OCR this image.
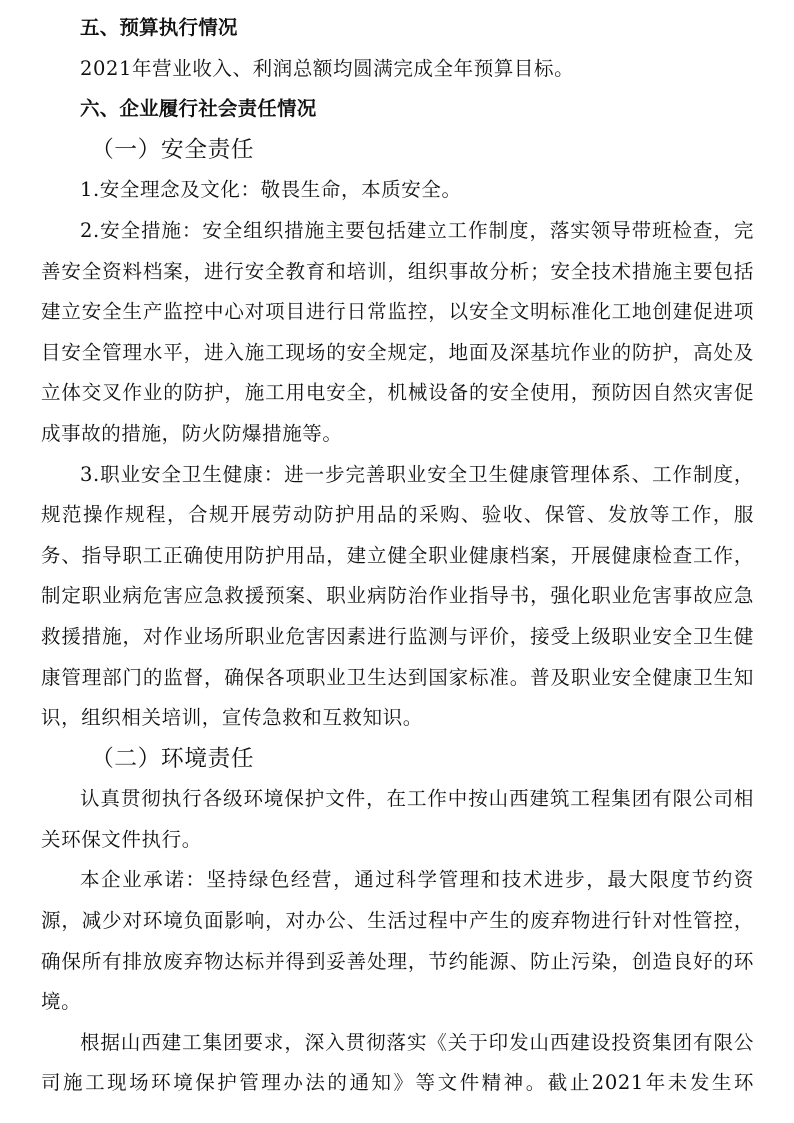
五、预算执行情况

2021年营业收入、利润总额均圆满完成全年预算目标。

六、企业履行社会责任情况
（一）安全责任

1.安全理念及文化：敬畏生命，本质安全。

2.安全措施：安全组织措施主要包括建立工作制度，落实领导带班检查，完善安全资料档案，进行安全教育和培训，组织事故分析；安全技术措施主要包括建立安全生产监控中心对项目进行日常监控，以安全文明标准化工地创建促进项目安全管理水平，进入施工现场的安全规定，地面及深基坑作业的防护，高处及立体交叉作业的防护，施工用电安全，机械设备的安全使用，预防因自然灾害促成事故的措施，防火防爆措施等。

3.职业安全卫生健康：进一步完善职业安全卫生健康管理体系、工作制度，规范操作规程，合规开展劳动防护用品的采购、验收、保管、发放等工作，服务、指导职工正确使用防护用品，建立健全职业健康档案，开展健康检查工作，制定职业病危害应急救援预案、职业病防治作业指导书，强化职业危害事故应急救援措施，对作业场所职业危害因素进行监测与评价，接受上级职业安全卫生健康管理部门的监督，确保各项职业卫生达到国家标准。普及职业安全健康卫生知识，组织相关培训，宣传急救和互救知识。

（二）环境责任

认真贯彻执行各级环境保护文件，在工作中按山西建筑工程集团有限公司相关环保文件执行。

本企业承诺：坚持绿色经营，通过科学管理和技术进步，最大限度节约资源，减少对环境负面影响，对办公、生活过程中产生的废弃物进行针对性管控，确保所有排放废弃物达标并得到妥善处理，节约能源、防止污染，创造良好的环境。

根据山西建工集团要求，深入贯彻落实《关于印发山西建设投资集团有限公司施工现场环境保护管理办法的通知》等文件精神。截止2021年未发生环
